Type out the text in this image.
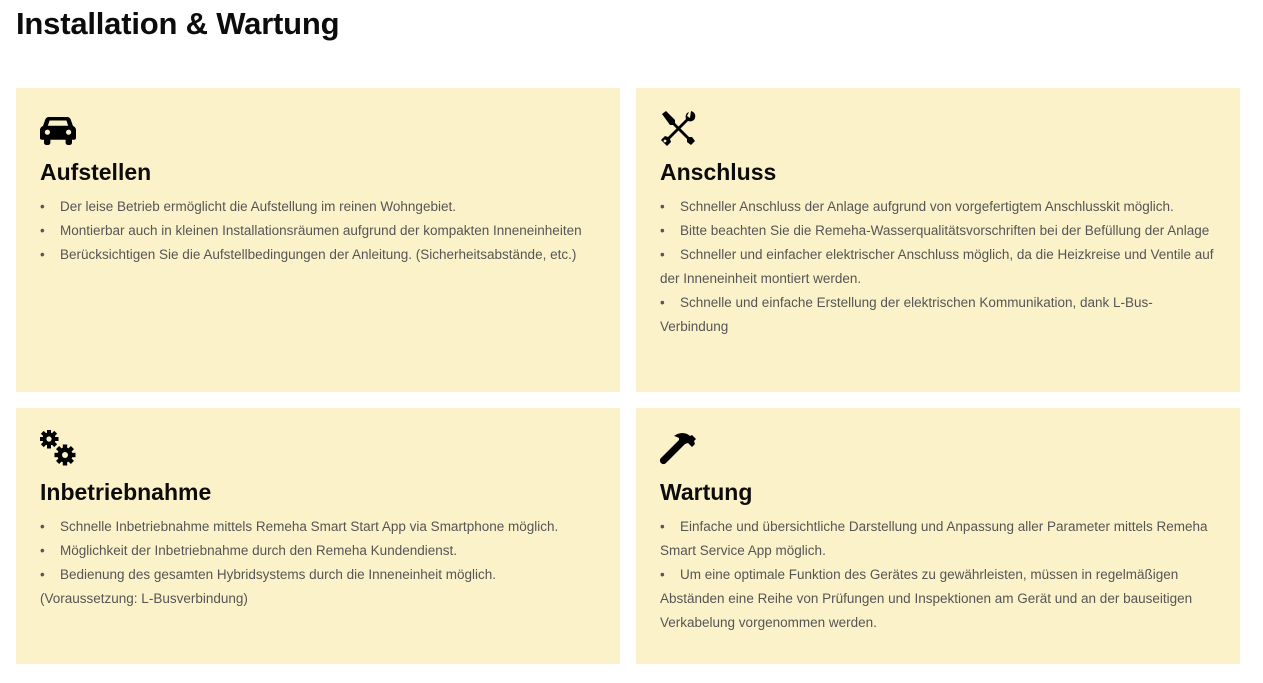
Installation & Wartung
Aufstellen
• Der leise Betrieb ermöglicht die Aufstellung im reinen Wohngebiet.
• Montierbar auch in kleinen Installationsräumen aufgrund der kompakten Inneneinheiten
• Berücksichtigen Sie die Aufstellbedingungen der Anleitung. (Sicherheitsabstände, etc.)
Anschluss
• Schneller Anschluss der Anlage aufgrund von vorgefertigtem Anschlusskit möglich.
• Bitte beachten Sie die Remeha-Wasserqualitätsvorschriften bei der Befüllung der Anlage
• Schneller und einfacher elektrischer Anschluss möglich, da die Heizkreise und Ventile auf der Inneneinheit montiert werden.
• Schnelle und einfache Erstellung der elektrischen Kommunikation, dank L-Bus-Verbindung
Inbetriebnahme
• Schnelle Inbetriebnahme mittels Remeha Smart Start App via Smartphone möglich.
• Möglichkeit der Inbetriebnahme durch den Remeha Kundendienst.
• Bedienung des gesamten Hybridsystems durch die Inneneinheit möglich. (Voraussetzung: L-Busverbindung)
Wartung
• Einfache und übersichtliche Darstellung und Anpassung aller Parameter mittels Remeha Smart Service App möglich.
• Um eine optimale Funktion des Gerätes zu gewährleisten, müssen in regelmäßigen Abständen eine Reihe von Prüfungen und Inspektionen am Gerät und an der bauseitigen Verkabelung vorgenommen werden.
